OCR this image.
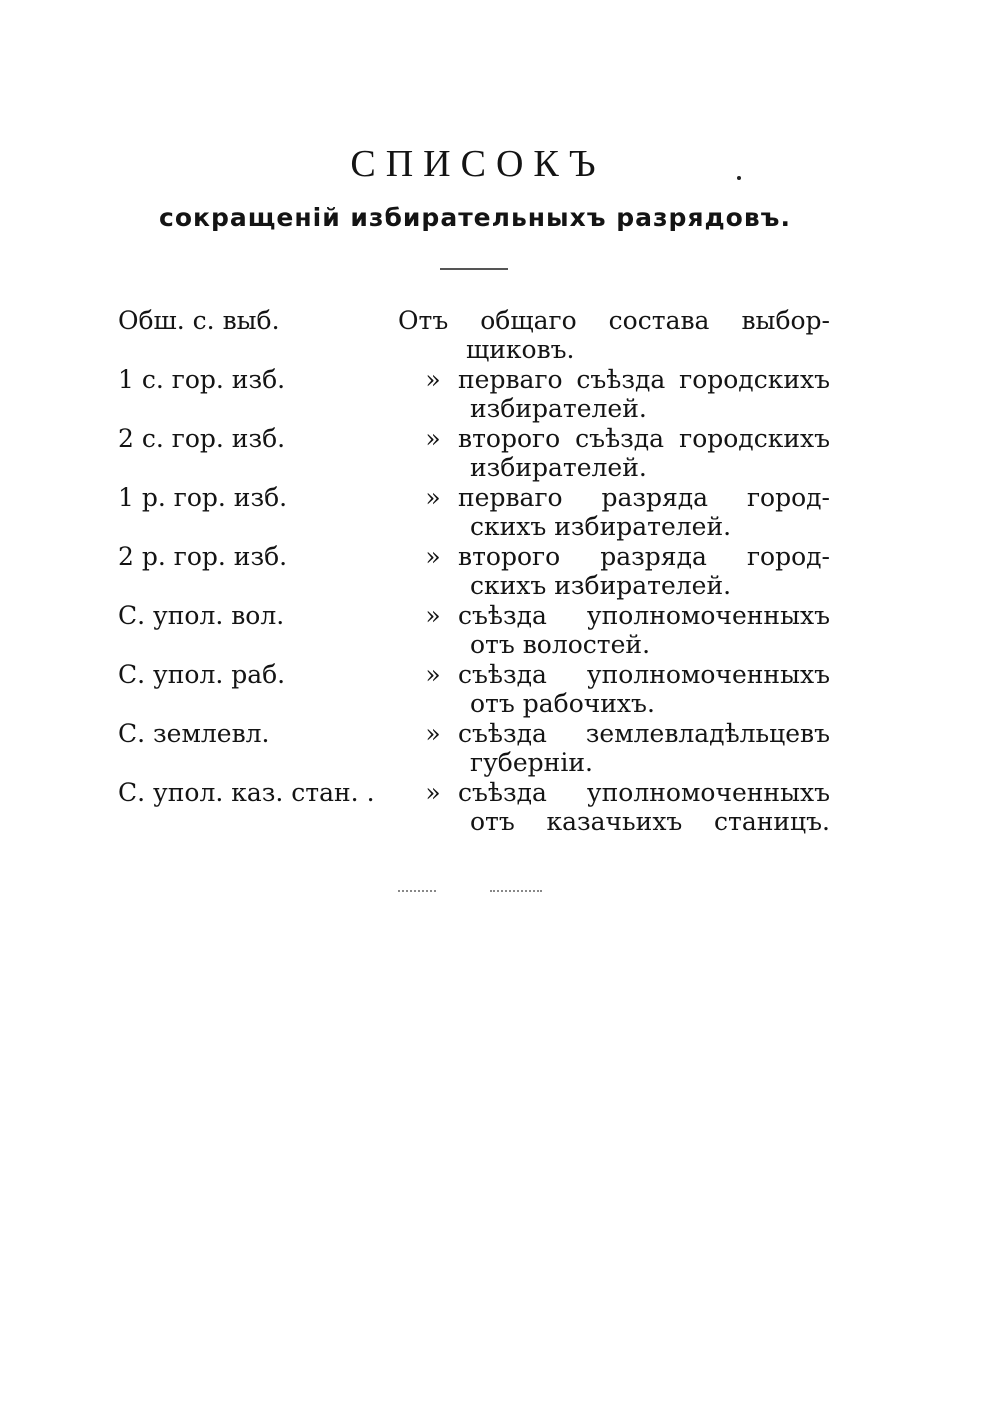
СПИСОКЪ
сокращенiй избирательныхъ разрядовъ.
Обш. с. выб.	Отъ общаго состава выбор-
щиковъ.
1 с. гор. изб.	» перваго съѣзда городскихъ
избирателей.
2 с. гор. изб.	» второго съѣзда городскихъ
избирателей.
1 р. гор. изб.	» перваго разряда город-
скихъ избирателей.
2 р. гор. изб.	» второго разряда город-
скихъ избирателей.
С. упол. вол.	» съѣзда уполномоченныхъ
отъ волостей.
С. упол. раб.	» съѣзда уполномоченныхъ
отъ рабочихъ.
С. землевл.	» съѣзда землевладѣльцевъ
губернiи.
С. упол. каз. стан. . » съѣзда уполномоченныхъ
отъ казачьихъ станицъ.
